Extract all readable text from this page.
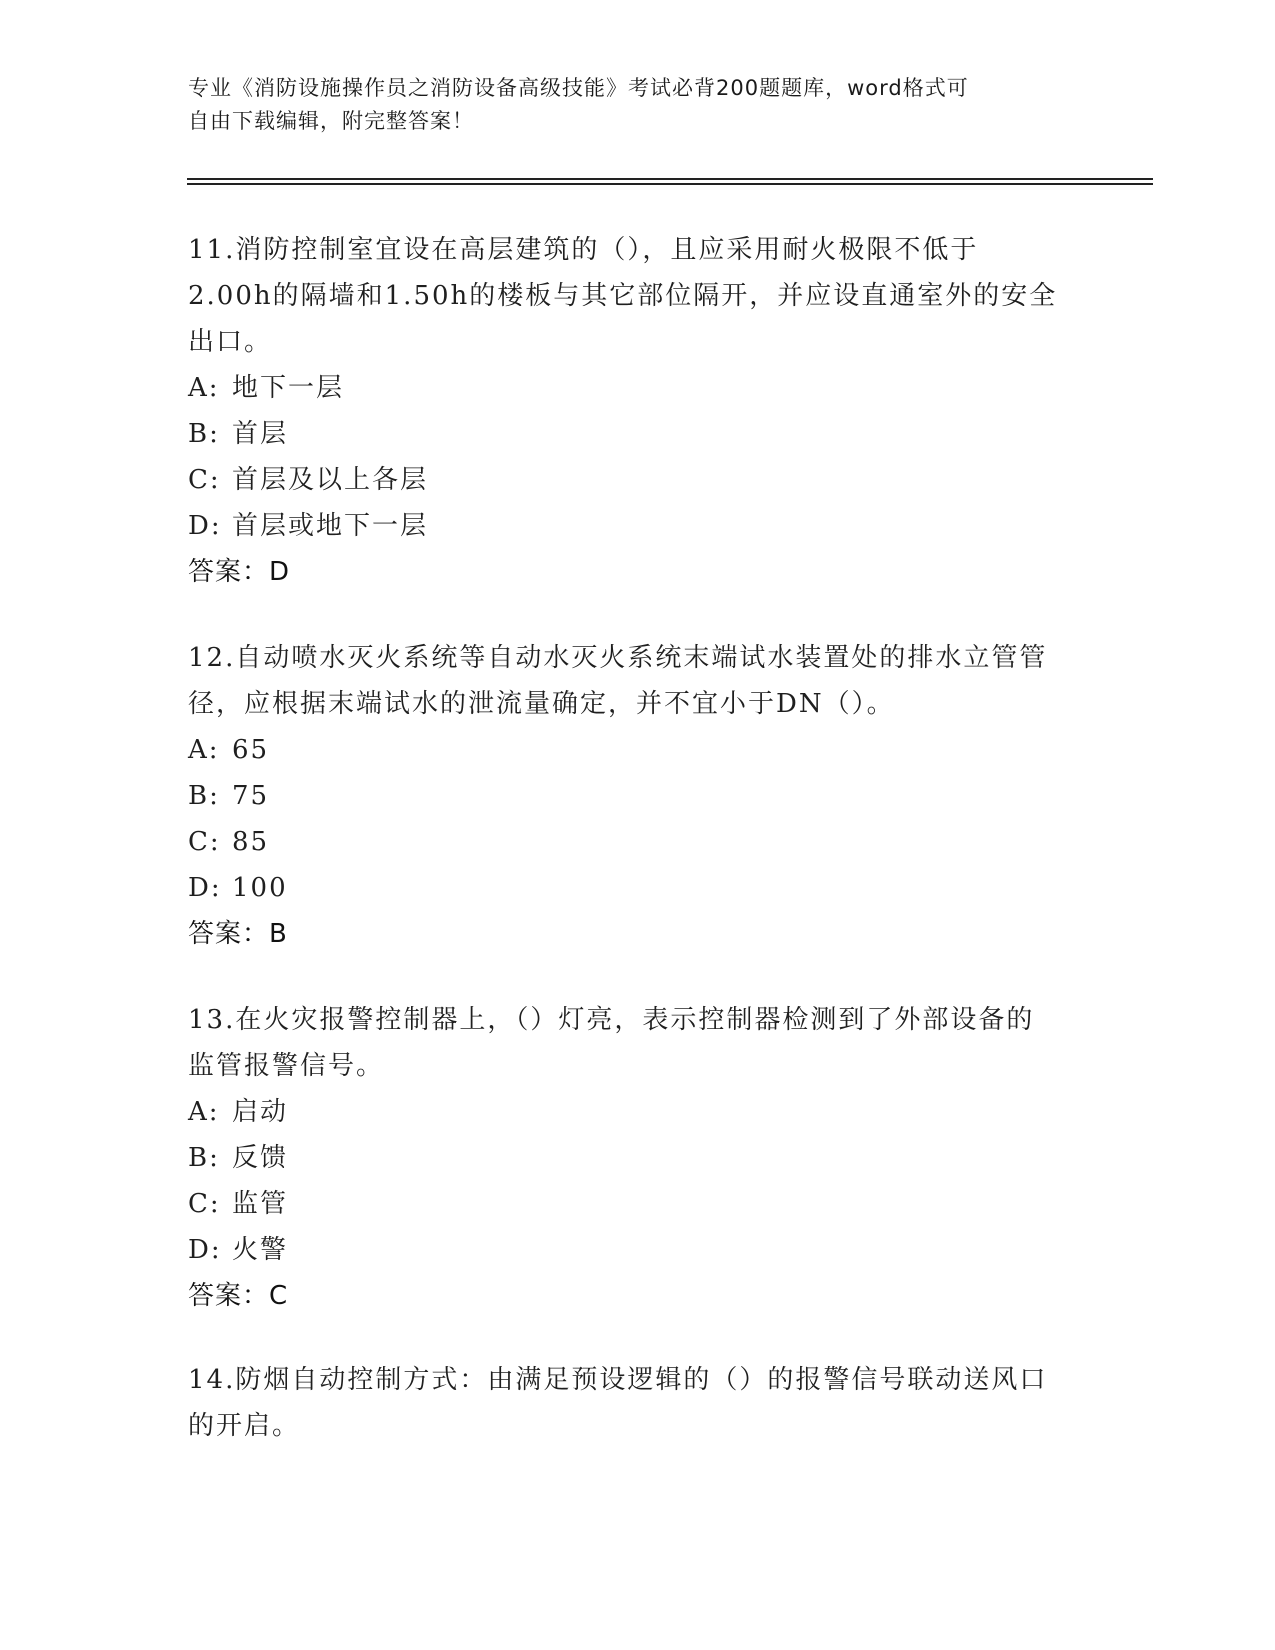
专业《消防设施操作员之消防设备高级技能》考试必背200题题库，word格式可
自由下载编辑，附完整答案！
11.消防控制室宜设在高层建筑的（），且应采用耐火极限不低于
2.00h的隔墙和1.50h的楼板与其它部位隔开，并应设直通室外的安全
出口。
A: 地下一层
B: 首层
C: 首层及以上各层
D: 首层或地下一层
答案：D
12.自动喷水灭火系统等自动水灭火系统末端试水装置处的排水立管管
径，应根据末端试水的泄流量确定，并不宜小于DN（）。
A: 65
B: 75
C: 85
D: 100
答案：B
13.在火灾报警控制器上，（）灯亮，表示控制器检测到了外部设备的
监管报警信号。
A: 启动
B: 反馈
C: 监管
D: 火警
答案：C
14.防烟自动控制方式：由满足预设逻辑的（）的报警信号联动送风口
的开启。
